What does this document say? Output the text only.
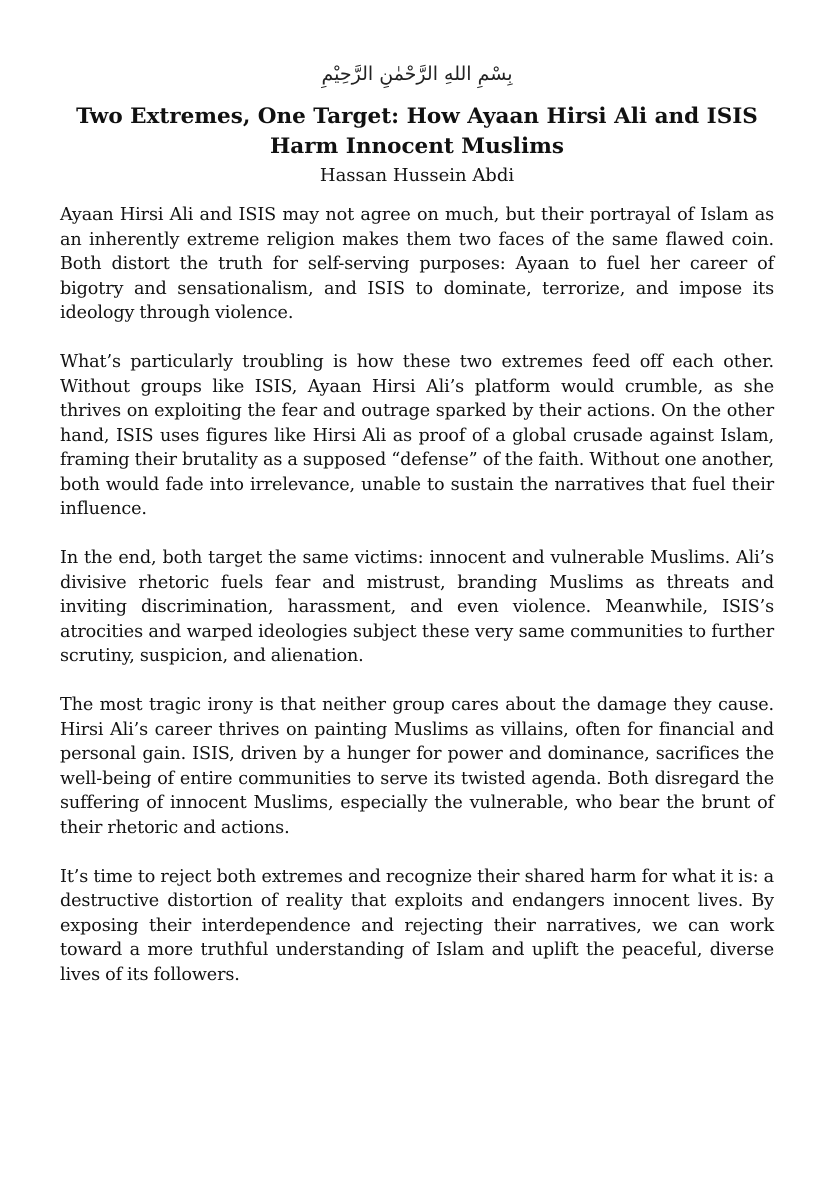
بِسْمِ اللهِ الرَّحْمٰنِ الرَّحِيْمِ
Two Extremes, One Target: How Ayaan Hirsi Ali and ISIS
Harm Innocent Muslims
Hassan Hussein Abdi

Ayaan Hirsi Ali and ISIS may not agree on much, but their portrayal of Islam as an inherently extreme religion makes them two faces of the same flawed coin. Both distort the truth for self-serving purposes: Ayaan to fuel her career of bigotry and sensationalism, and ISIS to dominate, terrorize, and impose its ideology through violence.

What’s particularly troubling is how these two extremes feed off each other. Without groups like ISIS, Ayaan Hirsi Ali’s platform would crumble, as she thrives on exploiting the fear and outrage sparked by their actions. On the other hand, ISIS uses figures like Hirsi Ali as proof of a global crusade against Islam, framing their brutality as a supposed “defense” of the faith. Without one another, both would fade into irrelevance, unable to sustain the narratives that fuel their influence.

In the end, both target the same victims: innocent and vulnerable Muslims. Ali’s divisive rhetoric fuels fear and mistrust, branding Muslims as threats and inviting discrimination, harassment, and even violence. Meanwhile, ISIS’s atrocities and warped ideologies subject these very same communities to further scrutiny, suspicion, and alienation.

The most tragic irony is that neither group cares about the damage they cause. Hirsi Ali’s career thrives on painting Muslims as villains, often for financial and personal gain. ISIS, driven by a hunger for power and dominance, sacrifices the well-being of entire communities to serve its twisted agenda. Both disregard the suffering of innocent Muslims, especially the vulnerable, who bear the brunt of their rhetoric and actions.

It’s time to reject both extremes and recognize their shared harm for what it is: a destructive distortion of reality that exploits and endangers innocent lives. By exposing their interdependence and rejecting their narratives, we can work toward a more truthful understanding of Islam and uplift the peaceful, diverse lives of its followers.
